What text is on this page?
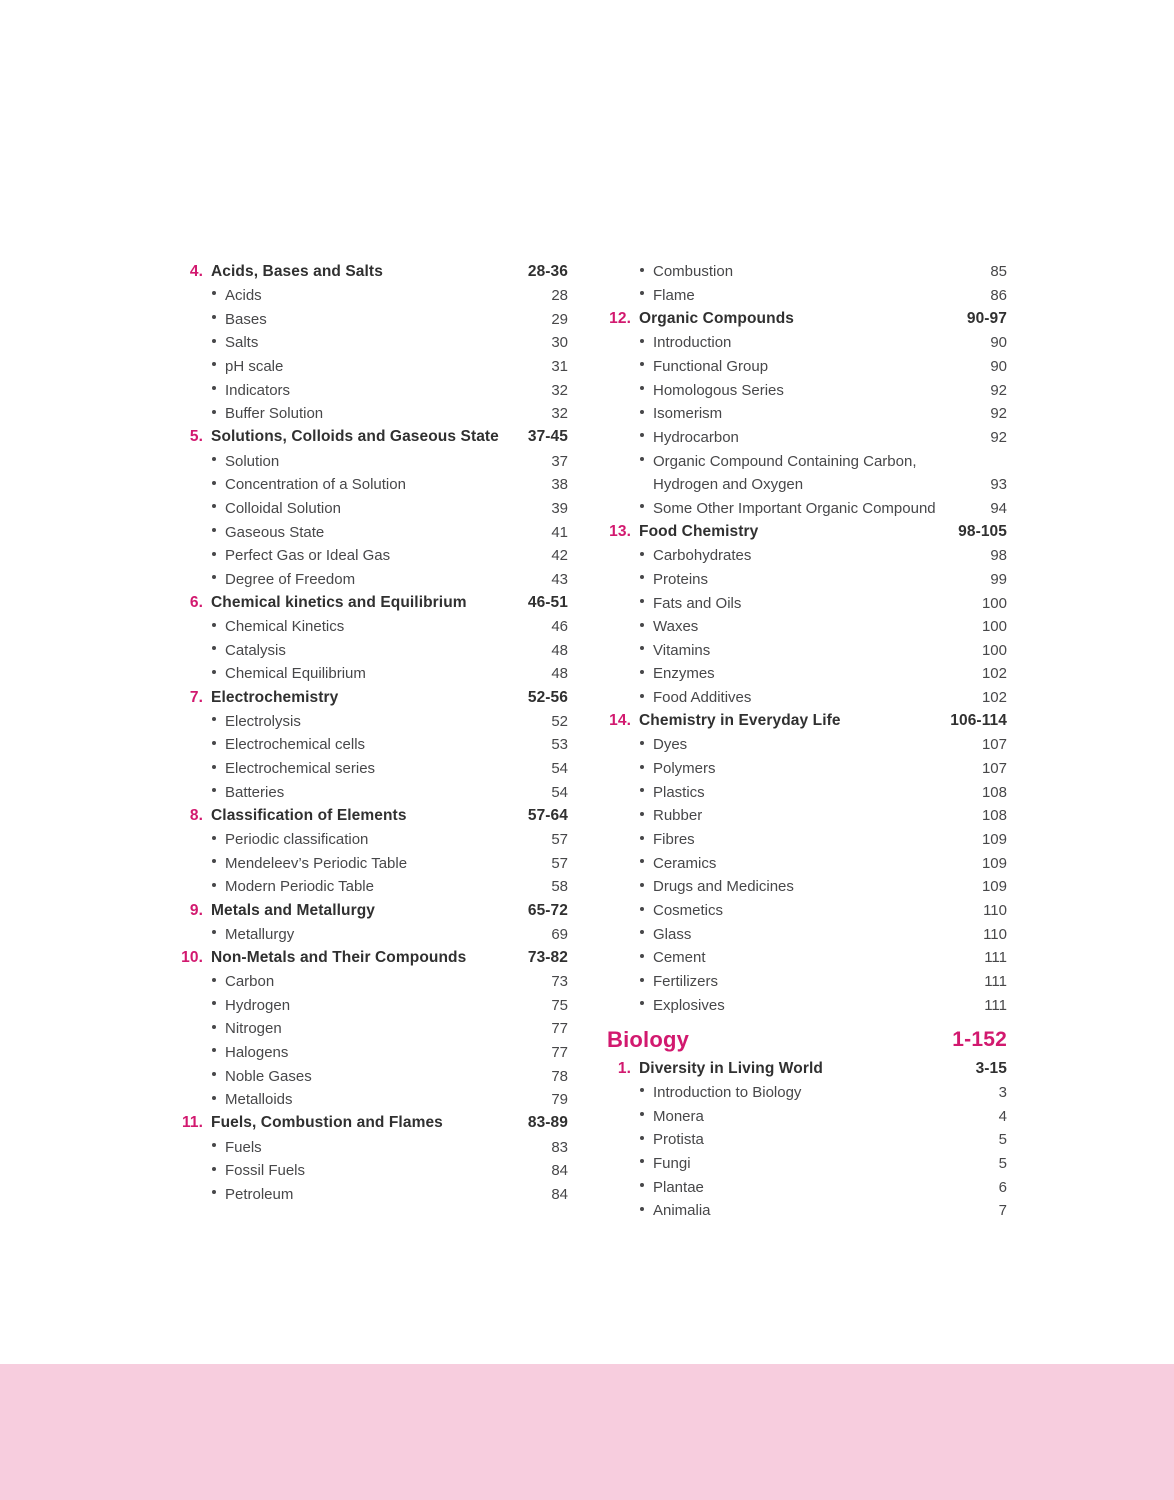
4. Acids, Bases and Salts	28-36
Acids	28
Bases	29
Salts	30
pH scale	31
Indicators	32
Buffer Solution	32
5. Solutions, Colloids and Gaseous State	37-45
Solution	37
Concentration of a Solution	38
Colloidal Solution	39
Gaseous State	41
Perfect Gas or Ideal Gas	42
Degree of Freedom	43
6. Chemical kinetics and Equilibrium	46-51
Chemical Kinetics	46
Catalysis	48
Chemical Equilibrium	48
7. Electrochemistry	52-56
Electrolysis	52
Electrochemical cells	53
Electrochemical series	54
Batteries	54
8. Classification of Elements	57-64
Periodic classification	57
Mendeleev’s Periodic Table	57
Modern Periodic Table	58
9. Metals and Metallurgy	65-72
Metallurgy	69
10. Non-Metals and Their Compounds	73-82
Carbon	73
Hydrogen	75
Nitrogen	77
Halogens	77
Noble Gases	78
Metalloids	79
11. Fuels, Combustion and Flames	83-89
Fuels	83
Fossil Fuels	84
Petroleum	84
Combustion	85
Flame	86
12. Organic Compounds	90-97
Introduction	90
Functional Group	90
Homologous Series	92
Isomerism	92
Hydrocarbon	92
Organic Compound Containing Carbon,
Hydrogen and Oxygen	93
Some Other Important Organic Compound	94
13. Food Chemistry	98-105
Carbohydrates	98
Proteins	99
Fats and Oils	100
Waxes	100
Vitamins	100
Enzymes	102
Food Additives	102
14. Chemistry in Everyday Life	106-114
Dyes	107
Polymers	107
Plastics	108
Rubber	108
Fibres	109
Ceramics	109
Drugs and Medicines	109
Cosmetics	110
Glass	110
Cement	111
Fertilizers	111
Explosives	111
Biology	1-152
1. Diversity in Living World	3-15
Introduction to Biology	3
Monera	4
Protista	5
Fungi	5
Plantae	6
Animalia	7
